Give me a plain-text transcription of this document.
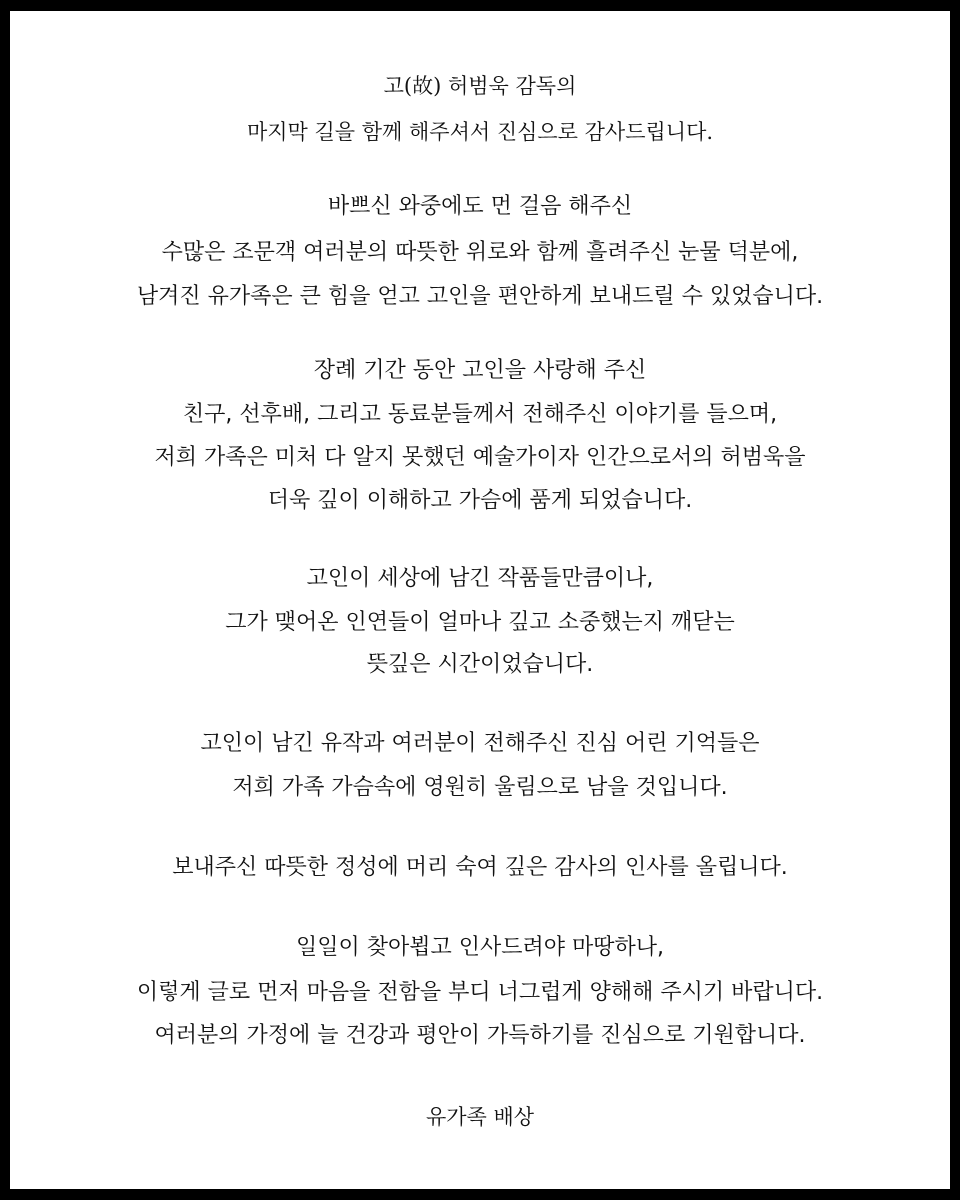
고(故) 허범욱 감독의
마지막 길을 함께 해주셔서 진심으로 감사드립니다.
바쁘신 와중에도 먼 걸음 해주신
수많은 조문객 여러분의 따뜻한 위로와 함께 흘려주신 눈물 덕분에,
남겨진 유가족은 큰 힘을 얻고 고인을 편안하게 보내드릴 수 있었습니다.
장례 기간 동안 고인을 사랑해 주신
친구, 선후배, 그리고 동료분들께서 전해주신 이야기를 들으며,
저희 가족은 미처 다 알지 못했던 예술가이자 인간으로서의 허범욱을
더욱 깊이 이해하고 가슴에 품게 되었습니다.
고인이 세상에 남긴 작품들만큼이나,
그가 맺어온 인연들이 얼마나 깊고 소중했는지 깨닫는
뜻깊은 시간이었습니다.
고인이 남긴 유작과 여러분이 전해주신 진심 어린 기억들은
저희 가족 가슴속에 영원히 울림으로 남을 것입니다.
보내주신 따뜻한 정성에 머리 숙여 깊은 감사의 인사를 올립니다.
일일이 찾아뵙고 인사드려야 마땅하나,
이렇게 글로 먼저 마음을 전함을 부디 너그럽게 양해해 주시기 바랍니다.
여러분의 가정에 늘 건강과 평안이 가득하기를 진심으로 기원합니다.
유가족 배상
